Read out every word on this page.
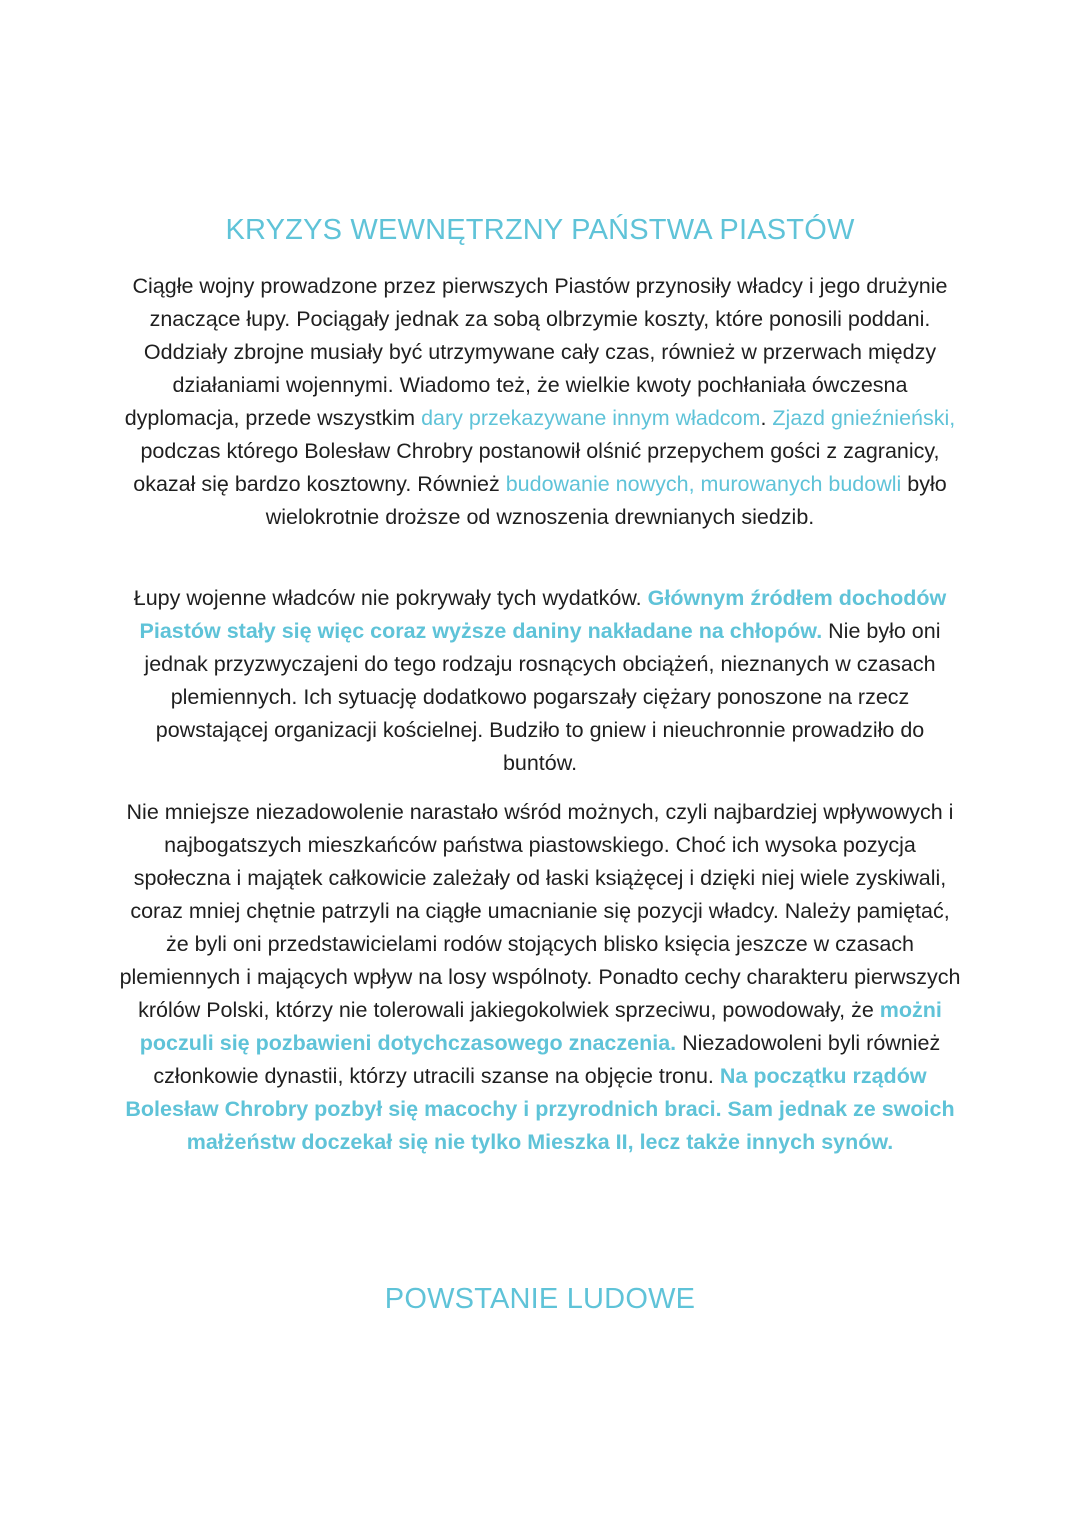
KRYZYS WEWNĘTRZNY PAŃSTWA PIASTÓW

Ciągłe wojny prowadzone przez pierwszych Piastów przynosiły władcy i jego drużynie znaczące łupy. Pociągały jednak za sobą olbrzymie koszty, które ponosili poddani. Oddziały zbrojne musiały być utrzymywane cały czas, również w przerwach między działaniami wojennymi. Wiadomo też, że wielkie kwoty pochłaniała ówczesna dyplomacja, przede wszystkim dary przekazywane innym władcom. Zjazd gnieźnieński, podczas którego Bolesław Chrobry postanowił olśnić przepychem gości z zagranicy, okazał się bardzo kosztowny. Również budowanie nowych, murowanych budowli było wielokrotnie droższe od wznoszenia drewnianych siedzib.

Łupy wojenne władców nie pokrywały tych wydatków. Głównym źródłem dochodów Piastów stały się więc coraz wyższe daniny nakładane na chłopów. Nie było oni jednak przyzwyczajeni do tego rodzaju rosnących obciążeń, nieznanych w czasach plemiennych. Ich sytuację dodatkowo pogarszały ciężary ponoszone na rzecz powstającej organizacji kościelnej. Budziło to gniew i nieuchronnie prowadziło do buntów.

Nie mniejsze niezadowolenie narastało wśród możnych, czyli najbardziej wpływowych i najbogatszych mieszkańców państwa piastowskiego. Choć ich wysoka pozycja społeczna i majątek całkowicie zależały od łaski książęcej i dzięki niej wiele zyskiwali, coraz mniej chętnie patrzyli na ciągłe umacnianie się pozycji władcy. Należy pamiętać, że byli oni przedstawicielami rodów stojących blisko księcia jeszcze w czasach plemiennych i mających wpływ na losy wspólnoty. Ponadto cechy charakteru pierwszych królów Polski, którzy nie tolerowali jakiegokolwiek sprzeciwu, powodowały, że możni poczuli się pozbawieni dotychczasowego znaczenia. Niezadowoleni byli również członkowie dynastii, którzy utracili szanse na objęcie tronu. Na początku rządów Bolesław Chrobry pozbył się macochy i przyrodnich braci. Sam jednak ze swoich małżeństw doczekał się nie tylko Mieszka II, lecz także innych synów.

POWSTANIE LUDOWE
